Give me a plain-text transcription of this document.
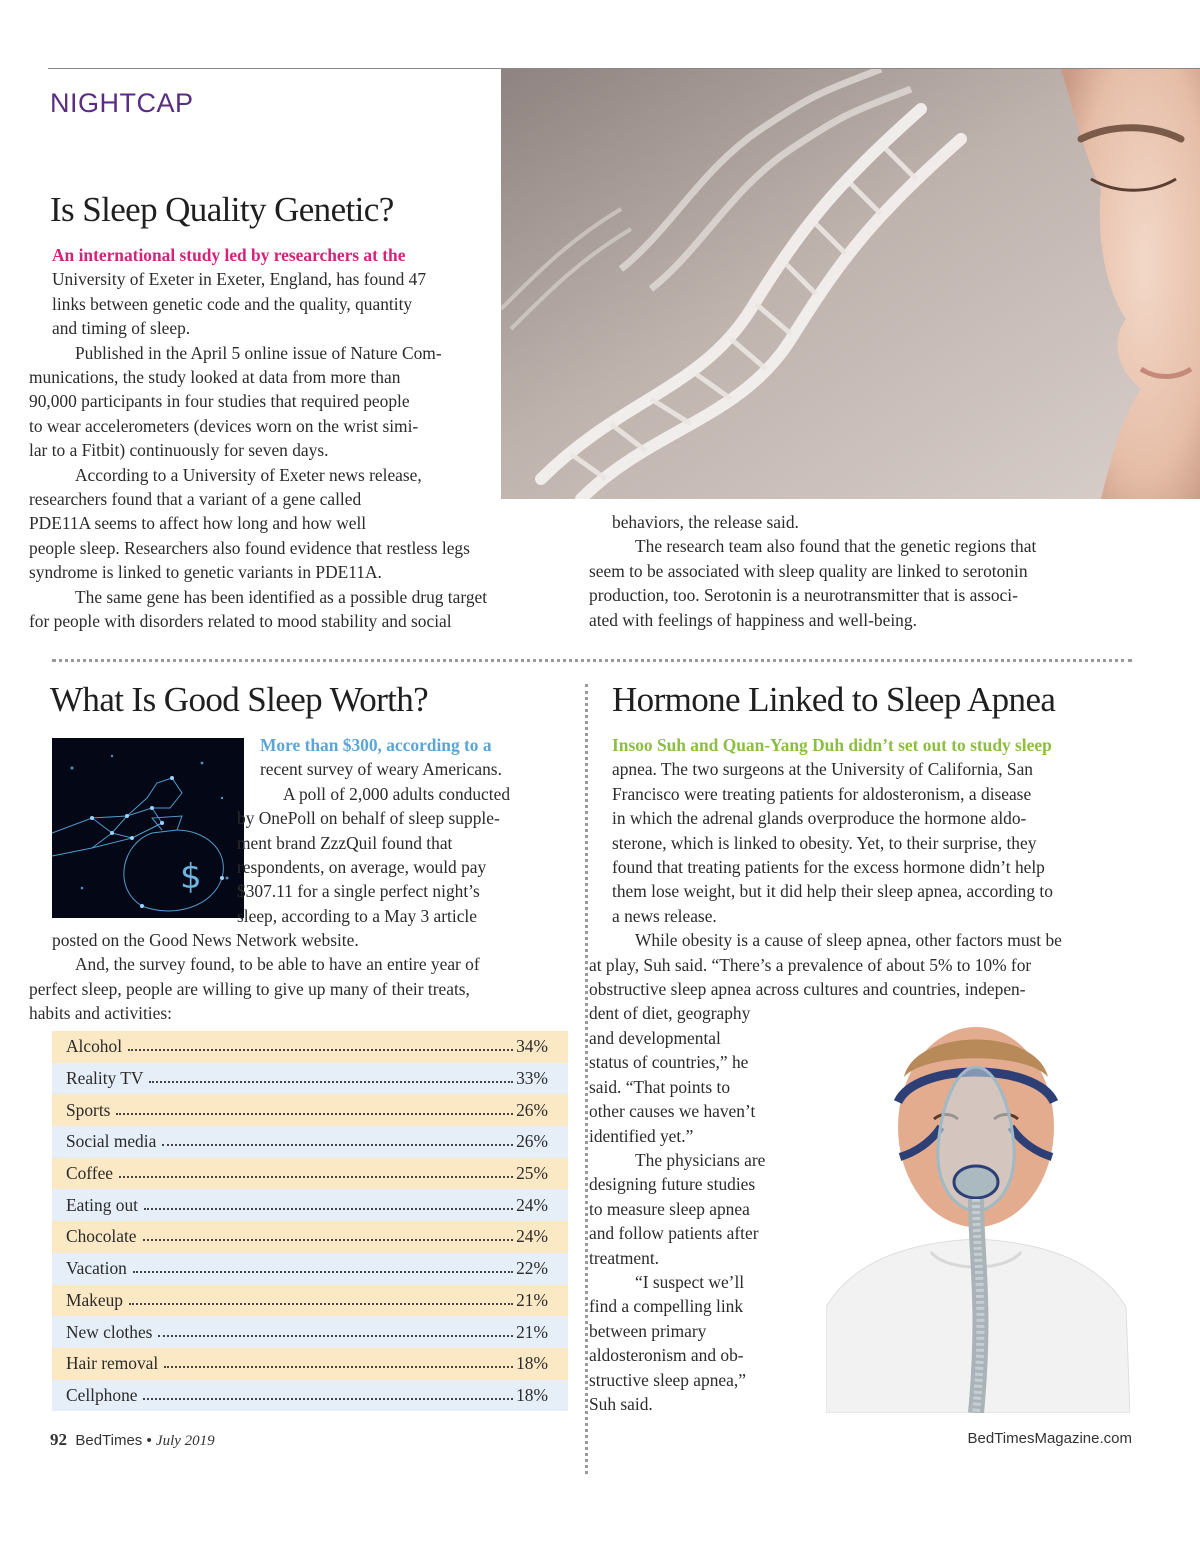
NIGHTCAP
Is Sleep Quality Genetic?

An international study led by researchers at the
University of Exeter in Exeter, England, has found 47
links between genetic code and the quality, quantity
and timing of sleep.

Published in the April 5 online issue of Nature Com-
munications, the study looked at data from more than
90,000 participants in four studies that required people
to wear accelerometers (devices worn on the wrist simi-
lar to a Fitbit) continuously for seven days.

According to a University of Exeter news release,
researchers found that a variant of a gene called
PDE11A seems to affect how long and how well
people sleep. Researchers also found evidence that restless legs
syndrome is linked to genetic variants in PDE11A.

The same gene has been identified as a possible drug target
for people with disorders related to mood stability and social

behaviors, the release said.

The research team also found that the genetic regions that
seem to be associated with sleep quality are linked to serotonin
production, too. Serotonin is a neurotransmitter that is associ-
ated with feelings of happiness and well-being.

What Is Good Sleep Worth?
$

More than $300, according to a
recent survey of weary Americans.

A poll of 2,000 adults conducted
by OnePoll on behalf of sleep supple-
ment brand ZzzQuil found that
respondents, on average, would pay
$307.11 for a single perfect night’s
sleep, according to a May 3 article

posted on the Good News Network website.

And, the survey found, to be able to have an entire year of
perfect sleep, people are willing to give up many of their treats,
habits and activities:

Alcohol	34%
Reality TV	33%
Sports	26%
Social media	26%
Coffee	25%
Eating out	24%
Chocolate	24%
Vacation	22%
Makeup	21%
New clothes	21%
Hair removal	18%
Cellphone	18%
Hormone Linked to Sleep Apnea

Insoo Suh and Quan-Yang Duh didn’t set out to study sleep
apnea. The two surgeons at the University of California, San
Francisco were treating patients for aldosteronism, a disease
in which the adrenal glands overproduce the hormone aldo-
sterone, which is linked to obesity. Yet, to their surprise, they
found that treating patients for the excess hormone didn’t help
them lose weight, but it did help their sleep apnea, according to
a news release.

While obesity is a cause of sleep apnea, other factors must be
at play, Suh said. “There’s a prevalence of about 5% to 10% for
obstructive sleep apnea across cultures and countries, indepen-
dent of diet, geography
and developmental
status of countries,” he
said. “That points to
other causes we haven’t
identified yet.”

The physicians are
designing future studies
to measure sleep apnea
and follow patients after
treatment.

“I suspect we’ll
find a compelling link
between primary
aldosteronism and ob-
structive sleep apnea,”
Suh said.

92 BedTimes • July 2019	BedTimesMagazine.com
